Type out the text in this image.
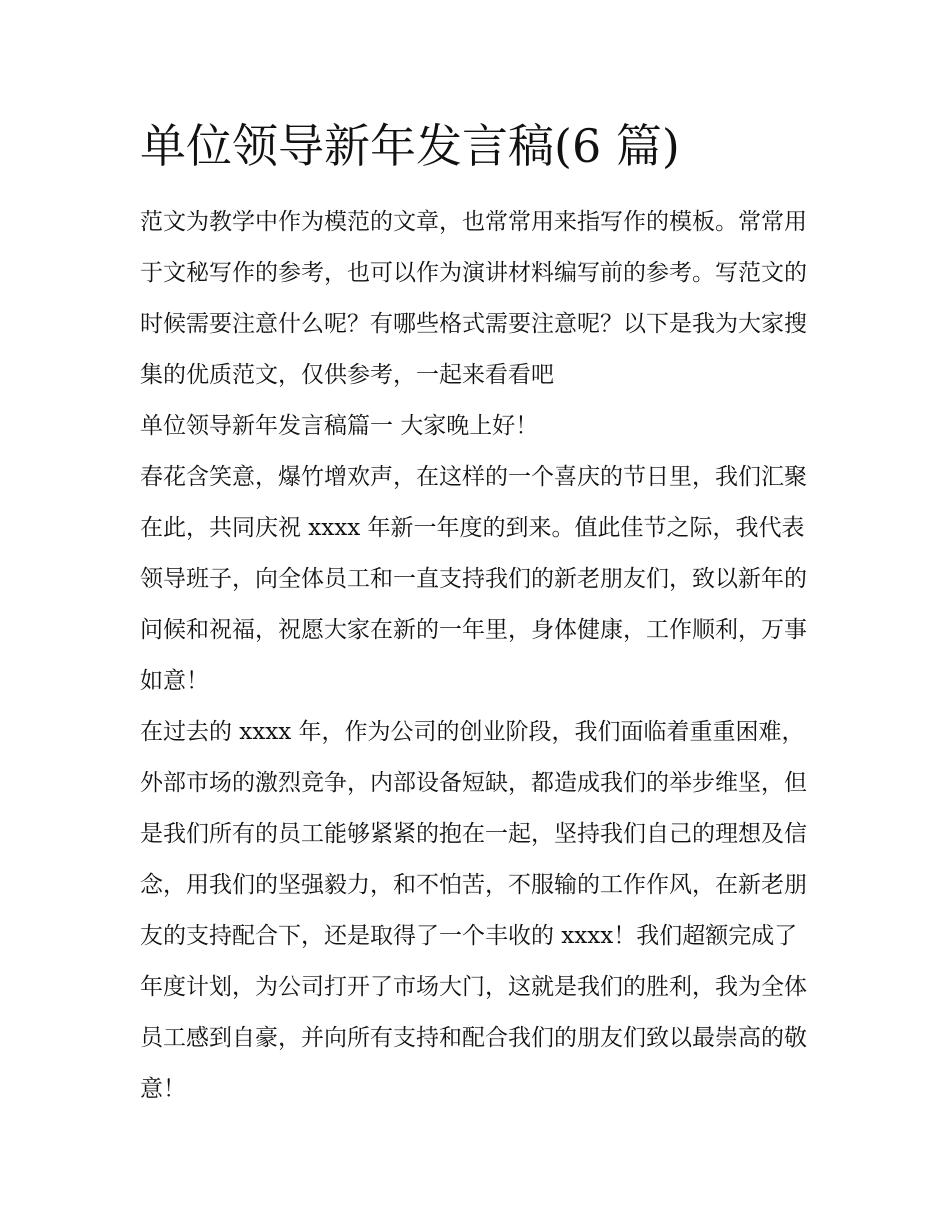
单位领导新年发言稿(6 篇)

范文为教学中作为模范的文章，也常常用来指写作的模板。常常用于文秘写作的参考，也可以作为演讲材料编写前的参考。写范文的时候需要注意什么呢？有哪些格式需要注意呢？以下是我为大家搜集的优质范文，仅供参考，一起来看看吧

单位领导新年发言稿篇一 大家晚上好！

春花含笑意，爆竹增欢声，在这样的一个喜庆的节日里，我们汇聚在此，共同庆祝 xxxx 年新一年度的到来。值此佳节之际，我代表领导班子，向全体员工和一直支持我们的新老朋友们，致以新年的问候和祝福，祝愿大家在新的一年里，身体健康，工作顺利，万事如意！

在过去的 xxxx 年，作为公司的创业阶段，我们面临着重重困难，外部市场的激烈竞争，内部设备短缺，都造成我们的举步维坚，但是我们所有的员工能够紧紧的抱在一起，坚持我们自己的理想及信念，用我们的坚强毅力，和不怕苦，不服输的工作作风，在新老朋友的支持配合下，还是取得了一个丰收的 xxxx！我们超额完成了年度计划，为公司打开了市场大门，这就是我们的胜利，我为全体员工感到自豪，并向所有支持和配合我们的朋友们致以最崇高的敬意！
